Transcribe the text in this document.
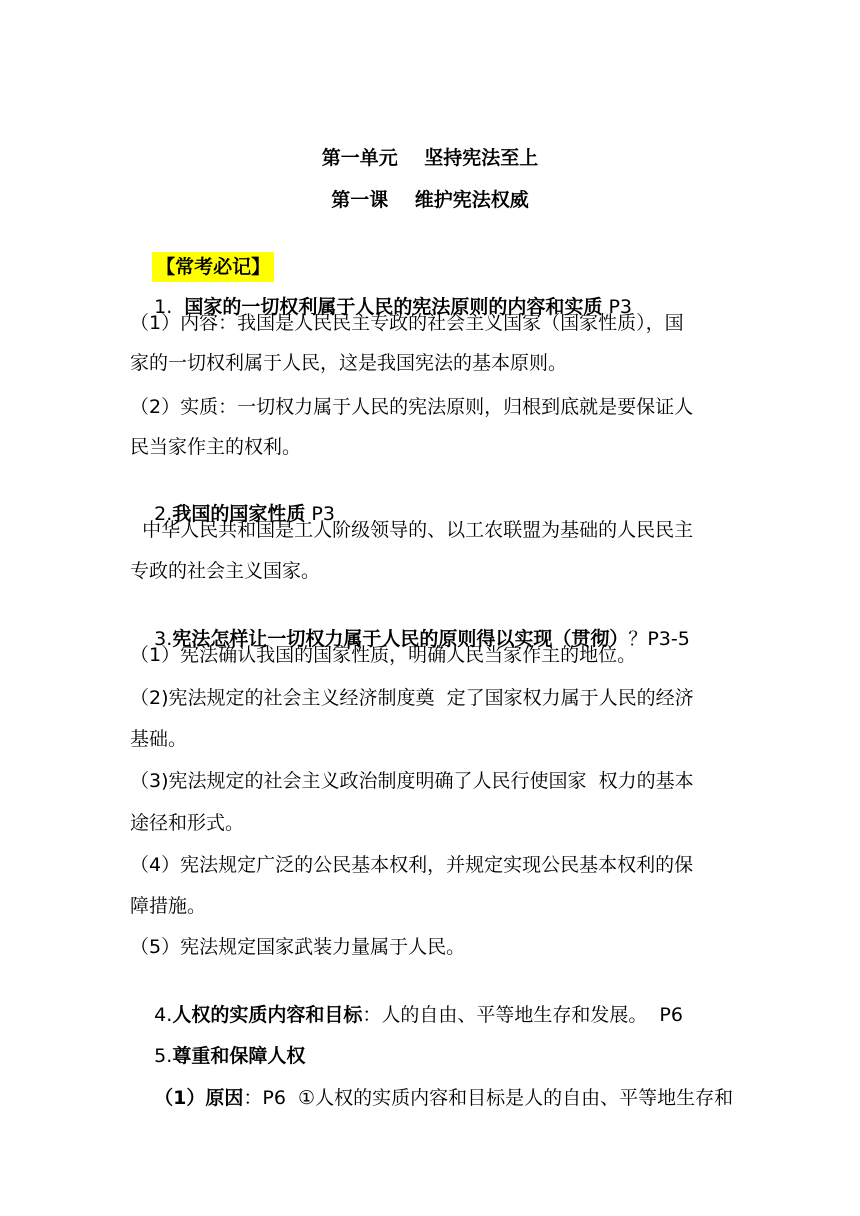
第一单元    坚持宪法至上
第一课    维护宪法权威

【常考必记】

1.  国家的一切权利属于人民的宪法原则的内容和实质 P3

（1）内容：我国是人民民主专政的社会主义国家（国家性质），国
家的一切权利属于人民，这是我国宪法的基本原则。
（2）实质：一切权力属于人民的宪法原则，归根到底就是要保证人
民当家作主的权利。

2.我国的国家性质 P3

中华人民共和国是工人阶级领导的、以工农联盟为基础的人民民主
专政的社会主义国家。

3.宪法怎样让一切权力属于人民的原则得以实现（贯彻）？P3-5

（1）宪法确认我国的国家性质，明确人民当家作主的地位。
（2)宪法规定的社会主义经济制度奠  定了国家权力属于人民的经济
基础。
（3)宪法规定的社会主义政治制度明确了人民行使国家  权力的基本
途径和形式。
（4）宪法规定广泛的公民基本权利，并规定实现公民基本权利的保
障措施。
（5）宪法规定国家武装力量属于人民。

4.人权的实质内容和目标：人的自由、平等地生存和发展。  P6

5.尊重和保障人权

（1）原因：P6  ①人权的实质内容和目标是人的自由、平等地生存和
